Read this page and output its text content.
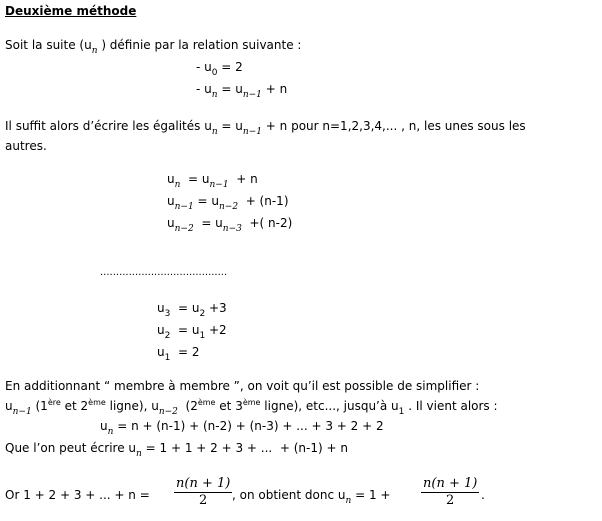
Deuxième méthode
Soit la suite ($u_n$ ) définie par la relation suivante :
- $u_0 = 2$
- $u_n = u_{n-1} + n$
Il suffit alors d’écrire les égalités $u_n = u_{n-1} + n$ pour n=1,2,3,4,... , n, les unes sous les
autres.
$u_n = u_{n-1} + n$
$u_{n-1} = u_{n-2} + (n-1)$
$u_{n-2} = u_{n-3}$  +( n-2)
........................................
$u_3 = u_2 +3$
$u_2 = u_1 +2$
$u_1 = 2$
En additionnant “ membre à membre ”, on voit qu’il est possible de simplifier :
$u_{n-1}$ (1ère et 2ème ligne), $u_{n-2}$  (2ème et 3ème ligne), etc..., jusqu’à $u_1$ . Il vient alors :
$u_n = n + (n-1) + (n-2) + (n-3)$ + ... + 3 + 2 + 2
Que l’on peut écrire $u_n = 1 + 1 + 2 + 3$ + ...  + (n-1) + n
Or 1 + 2 + 3 + ... + $n = \frac{n(n + 1)}{2}$ , on obtient donc $u_n = 1 + \frac{n(n + 1)}{2}$ .
